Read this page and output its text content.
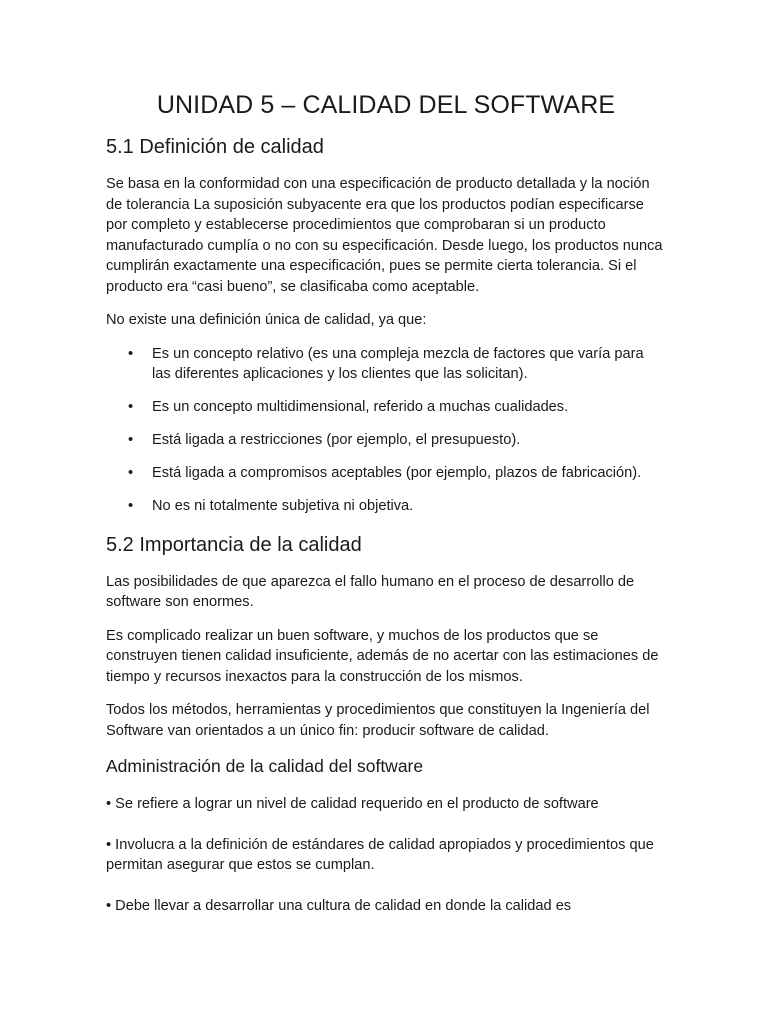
UNIDAD 5 – CALIDAD DEL SOFTWARE
5.1 Definición de calidad

Se basa en la conformidad con una especificación de producto detallada y la noción de tolerancia La suposición subyacente era que los productos podían especificarse por completo y establecerse procedimientos que comprobaran si un producto manufacturado cumplía o no con su especificación. Desde luego, los productos nunca cumplirán exactamente una especificación, pues se permite cierta tolerancia. Si el producto era “casi bueno”, se clasificaba como aceptable.

No existe una definición única de calidad, ya que:

• Es un concepto relativo (es una compleja mezcla de factores que varía para las diferentes aplicaciones y los clientes que las solicitan).
• Es un concepto multidimensional, referido a muchas cualidades.
• Está ligada a restricciones (por ejemplo, el presupuesto).
• Está ligada a compromisos aceptables (por ejemplo, plazos de fabricación).
• No es ni totalmente subjetiva ni objetiva.
5.2 Importancia de la calidad

Las posibilidades de que aparezca el fallo humano en el proceso de desarrollo de software son enormes.

Es complicado realizar un buen software, y muchos de los productos que se construyen tienen calidad insuficiente, además de no acertar con las estimaciones de tiempo y recursos inexactos para la construcción de los mismos.

Todos los métodos, herramientas y procedimientos que constituyen la Ingeniería del Software van orientados a un único fin: producir software de calidad.

Administración de la calidad del software

• Se refiere a lograr un nivel de calidad requerido en el producto de software

• Involucra a la definición de estándares de calidad apropiados y procedimientos que permitan asegurar que estos se cumplan.

• Debe llevar a desarrollar una cultura de calidad en donde la calidad es
